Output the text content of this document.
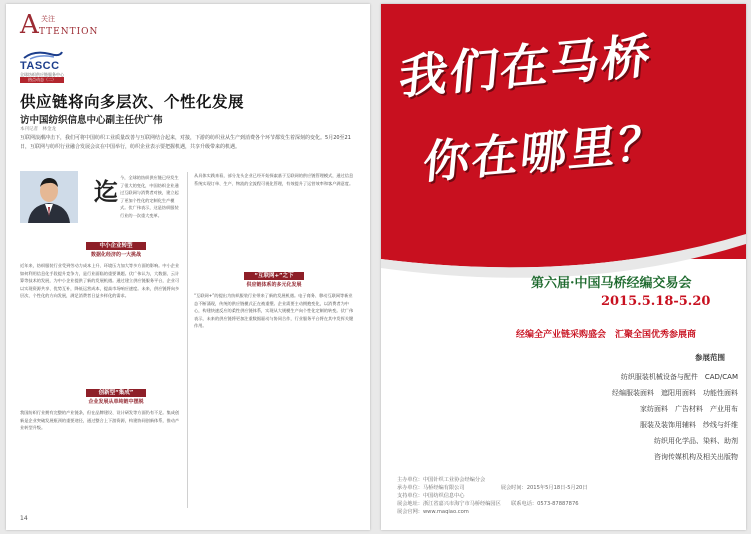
A 关注
TTENTION
TASCC
全球纺织供应链服务中心
热点动态（二）
供应链将向多层次、个性化发展
访中国纺织信息中心副主任伏广伟
本刊记者　林金龙
互联网浪潮冲击下，我们可将中国纺织工业质量改善与互联网结合起来，对接，下游的纺织业从生产到消费各个环节都发生着深刻的变化。5月20至21日，互联网与纺织行业融合发展会议在中国举行，纺织企业表示要把握机遇，共享升级带来的机遇。
迄 今，全球的纺织供应链已经发生了很大的变化，中国纺织企业通过互联网与消费者对接，建立起了更加个性化的定制化生产模式。伏广伟表示，这是纺织服装行业的一次重大变革。
中小企业转型
数据化经济的一大挑战
近年来，纺织服装行业受到劳动力成本上升、环境压力加大等多方面的影响。中小企业如何利用信息化手段提升竞争力，是行业面临的重要课题。伏广伟认为，大数据、云计算等技术的发展，为中小企业提供了新的发展机遇。通过建立供应链服务平台，企业可以实现资源共享、优势互补，降低运营成本，提高市场响应速度。未来，供应链将向多层次、个性化的方向发展，满足消费者日益多样化的需求。
创新型“集成”
企业发展从单纯链中摆脱
我国纺织行业拥有完整的产业链条，但在品牌建设、设计研发等方面仍有不足。集成创新是企业突破发展瓶颈的重要途径，通过整合上下游资源，构建协同创新体系，推动产业转型升级。
从具体实践来看，部分龙头企业已经开始探索基于互联网的供应链管理模式，通过信息系统实现订单、生产、物流的全流程可视化管理，有效提升了运营效率和客户满意度。
“互联网+”之下
供应链体系的多元化发展
“互联网+”的提出为纺织服装行业带来了新的发展机遇。电子商务、移动互联网等新业态不断涌现，传统的供应链模式正在被重塑。企业需要主动拥抱变化，以消费者为中心，构建快速反应的柔性供应链体系，实现从大规模生产向个性化定制的转变。伏广伟表示，未来的供应链将更加注重数据驱动与协同合作，行业服务平台将在其中发挥关键作用。
14
我们在马桥
你在哪里？
第六届·中国马桥经编交易会
2015.5.18-5.20
经编全产业链采购盛会　汇聚全国优秀参展商
参展范围
纺织服装机械设备与配件　CAD/CAM
经编服装面料　遮阳用面料　功能性面料
家纺面料　广告材料　产业用布
服装及装饰用辅料　纱线与纤维
纺织用化学品、染料、助剂
咨询传媒机构及相关出版物
主办单位：中国针织工业协会经编分会
承办单位：马桥经编有限公司　　　　　　　展会时间：2015年5月18日-5月20日
支持单位：中国纺织信息中心
展会地址：浙江省嘉兴市海宁市马桥经编园区　　联系电话：0573-87887876
展会官网：www.maqiao.com
